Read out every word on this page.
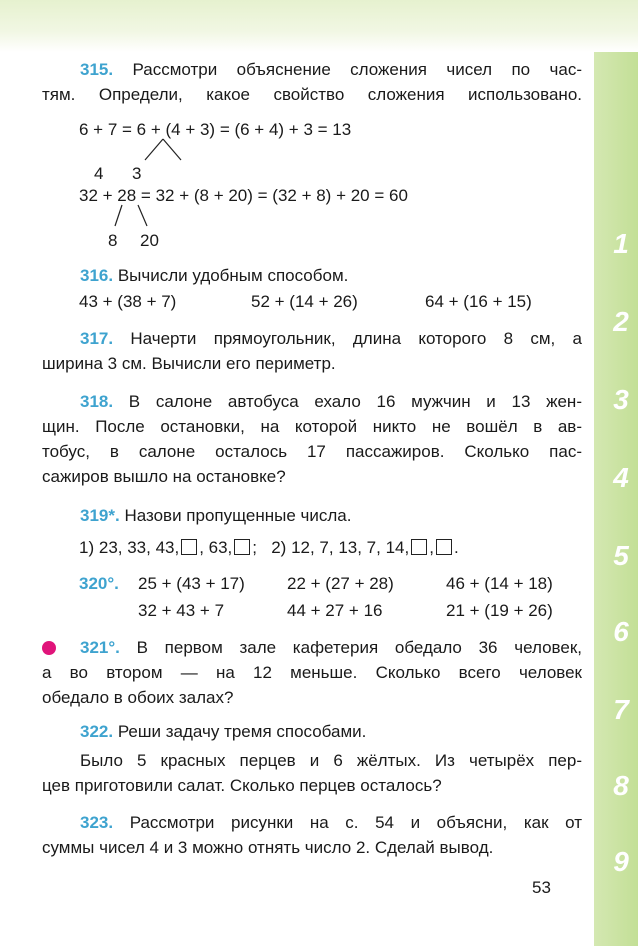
1
2
3
4
5
6
7
8
9
315. Рассмотри объяснение сложения чисел по час-
тям. Определи, какое свойство сложения использовано.
6 + 7 = 6 + (4 + 3) = (6 + 4) + 3 = 13
4	3
32 + 28 = 32 + (8 + 20) = (32 + 8) + 20 = 60
8	20
316. Вычисли удобным способом.
43 + (38 + 7)	52 + (14 + 26)	64 + (16 + 15)
317. Начерти прямоугольник, длина которого 8 см, а
ширина 3 см. Вычисли его периметр.
318. В салоне автобуса ехало 16 мужчин и 13 жен-
щин. После остановки, на которой никто не вошёл в ав-
тобус, в салоне осталось 17 пассажиров. Сколько пас-
сажиров вышло на остановке?
319*. Назови пропущенные числа.
1) 23, 33, 43, , 63, ; 2) 12, 7, 13, 7, 14, , .
320°.	25 + (43 + 17)	22 + (27 + 28)	46 + (14 + 18)
32 + 43 + 7	44 + 27 + 16	21 + (19 + 26)
321°. В первом зале кафетерия обедало 36 человек,
а во втором — на 12 меньше. Сколько всего человек
обедало в обоих залах?
322. Реши задачу тремя способами.
Было 5 красных перцев и 6 жёлтых. Из четырёх пер-
цев приготовили салат. Сколько перцев осталось?
323. Рассмотри рисунки на с. 54 и объясни, как от
суммы чисел 4 и 3 можно отнять число 2. Сделай вывод.
53
